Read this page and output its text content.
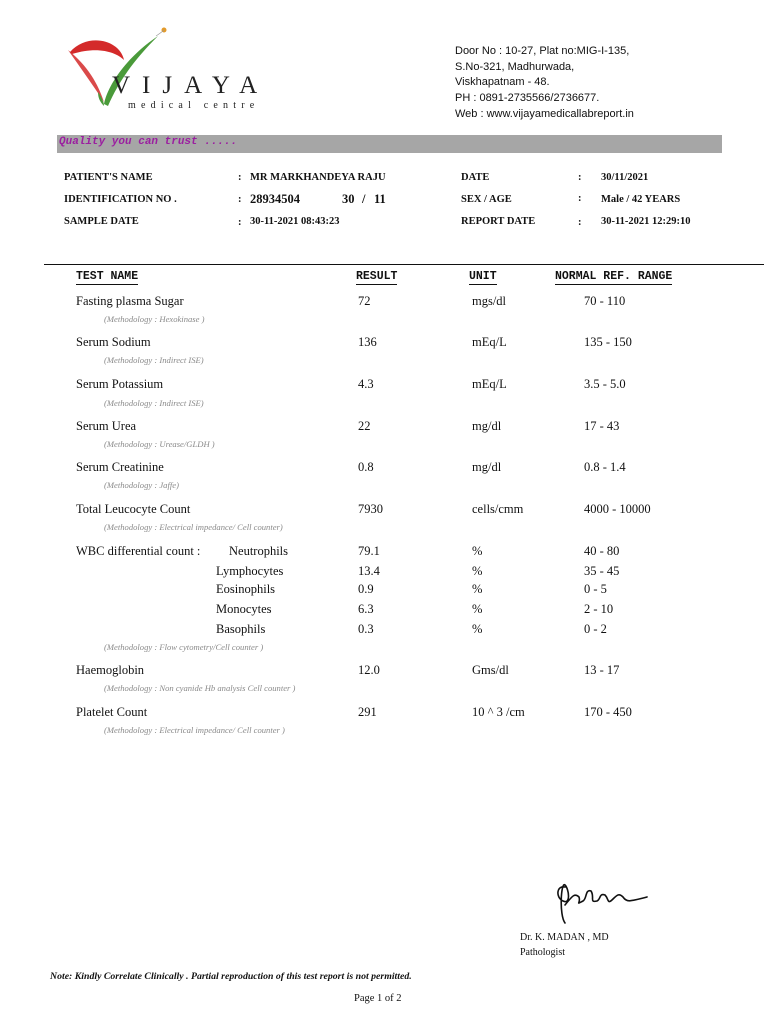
VIJAYA
medical centre
Door No : 10-27, Plat no:MIG-I-135,
S.No-321, Madhurwada,
Viskhapatnam - 48.
PH : 0891-2735566/2736677.
Web : www.vijayamedicallabreport.in
Quality you can trust .....
PATIENT'S NAME	: MR MARKHANDEYA RAJU
IDENTIFICATION NO .	: 28934504	30 / 11
SAMPLE DATE	: 30-11-2021 08:43:23
DATE	: 30/11/2021
SEX / AGE	: Male / 42 YEARS
REPORT DATE	: 30-11-2021 12:29:10
TEST NAME	RESULT	UNIT	NORMAL REF. RANGE
Fasting plasma Sugar
(Methodology : Hexokinase )
72	mgs/dl	70 - 110
Serum Sodium
(Methodology : Indirect ISE)
136	mEq/L	135 - 150
Serum Potassium
(Methodology : Indirect ISE)
4.3	mEq/L	3.5 - 5.0
Serum Urea
(Methodology : Urease/GLDH )
22	mg/dl	17 - 43
Serum Creatinine
(Methodology : Jaffe)
0.8	mg/dl	0.8 - 1.4
Total Leucocyte Count
(Methodology : Electrical impedance/ Cell counter)
7930	cells/cmm	4000 - 10000
WBC differential count : Neutrophils	79.1	%	40 - 80
Lymphocytes	13.4	%	35 - 45
Eosinophils	0.9	%	0 - 5
Monocytes	6.3	%	2 - 10
Basophils	0.3	%	0 - 2
(Methodology : Flow cytometry/Cell counter )
Haemoglobin
(Methodology : Non cyanide Hb analysis Cell counter )
12.0	Gms/dl	13 - 17
Platelet Count
(Methodology : Electrical impedance/ Cell counter )
291	10 ^ 3 /cm	170 - 450
Dr. K. MADAN , MD
Pathologist
Note: Kindly Correlate Clinically . Partial reproduction of this test report is not permitted.
Page 1 of 2
